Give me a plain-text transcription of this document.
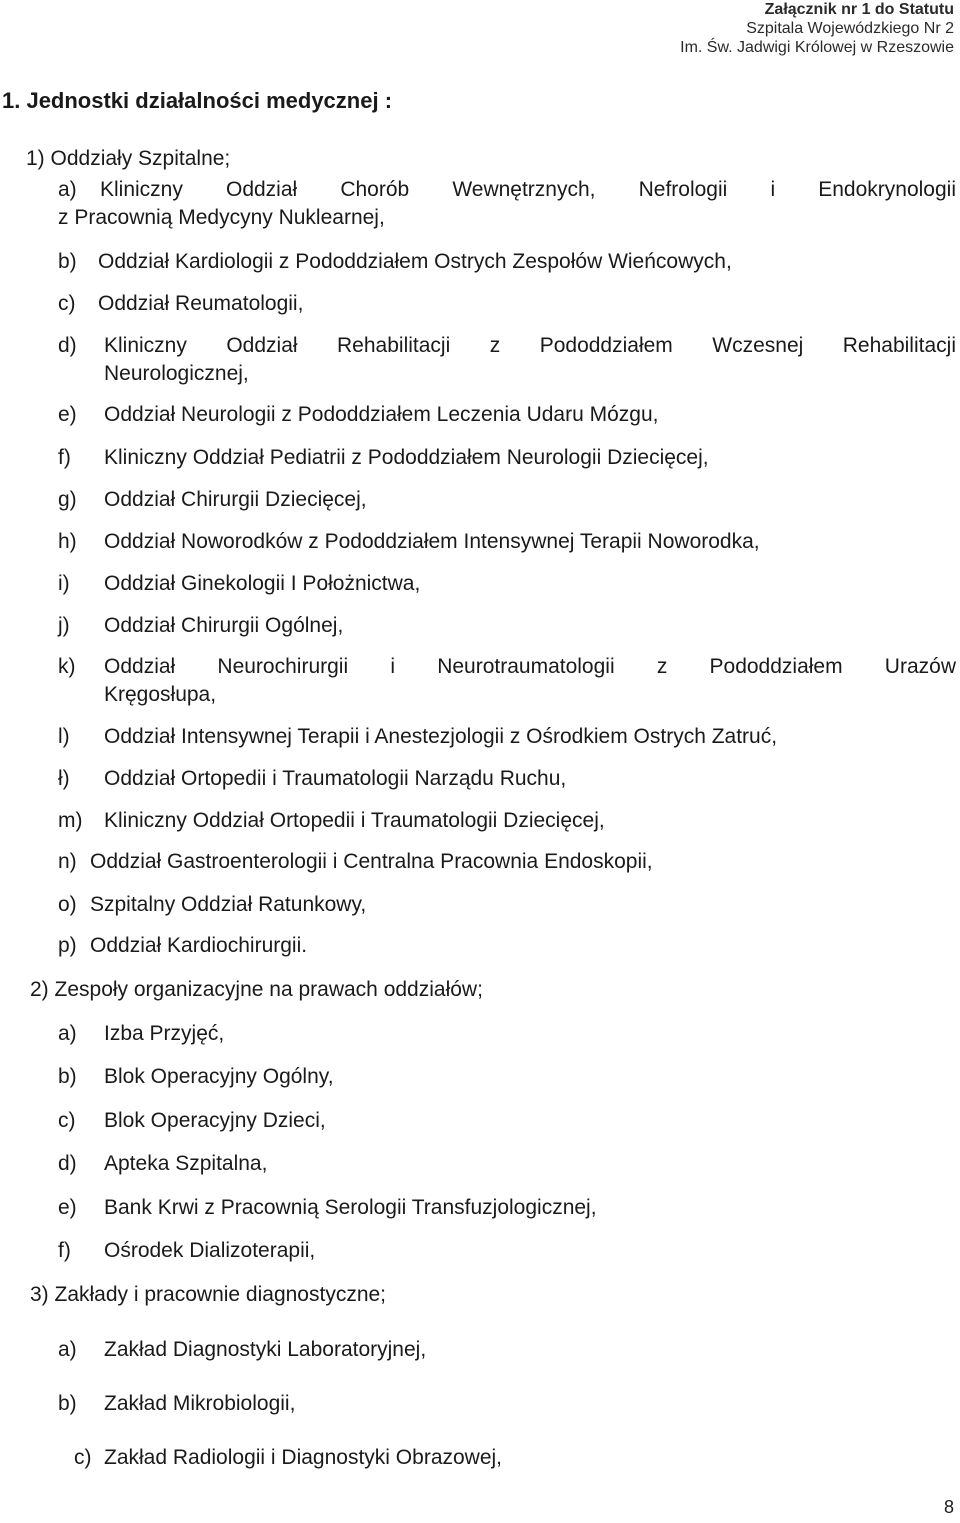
Załącznik nr 1 do Statutu
Szpitala Wojewódzkiego Nr 2
Im. Św. Jadwigi Królowej w Rzeszowie
1. Jednostki działalności medycznej :
1) Oddziały Szpitalne;
a) Kliniczny Oddział Chorób Wewnętrznych, Nefrologii i Endokrynologii
z Pracownią Medycyny Nuklearnej,
b) Oddział Kardiologii z Pododdziałem Ostrych Zespołów Wieńcowych,
c) Oddział Reumatologii,
d) Kliniczny Oddział Rehabilitacji z Pododdziałem Wczesnej Rehabilitacji
Neurologicznej,
e) Oddział Neurologii z Pododdziałem Leczenia Udaru Mózgu,
f) Kliniczny Oddział Pediatrii z Pododdziałem Neurologii Dziecięcej,
g) Oddział Chirurgii Dziecięcej,
h) Oddział Noworodków z Pododdziałem Intensywnej Terapii Noworodka,
i) Oddział Ginekologii I Położnictwa,
j) Oddział Chirurgii Ogólnej,
k) Oddział Neurochirurgii i Neurotraumatologii z Pododdziałem Urazów
Kręgosłupa,
l) Oddział Intensywnej Terapii i Anestezjologii z Ośrodkiem Ostrych Zatruć,
ł) Oddział Ortopedii i Traumatologii Narządu Ruchu,
m) Kliniczny Oddział Ortopedii i Traumatologii Dziecięcej,
n) Oddział Gastroenterologii i Centralna Pracownia Endoskopii,
o) Szpitalny Oddział Ratunkowy,
p) Oddział Kardiochirurgii.
2) Zespoły organizacyjne na prawach oddziałów;
a) Izba Przyjęć,
b) Blok Operacyjny Ogólny,
c) Blok Operacyjny Dzieci,
d) Apteka Szpitalna,
e) Bank Krwi z Pracownią Serologii Transfuzjologicznej,
f) Ośrodek Dializoterapii,
3) Zakłady i pracownie diagnostyczne;
a) Zakład Diagnostyki Laboratoryjnej,
b) Zakład Mikrobiologii,
c) Zakład Radiologii i Diagnostyki Obrazowej,
8
